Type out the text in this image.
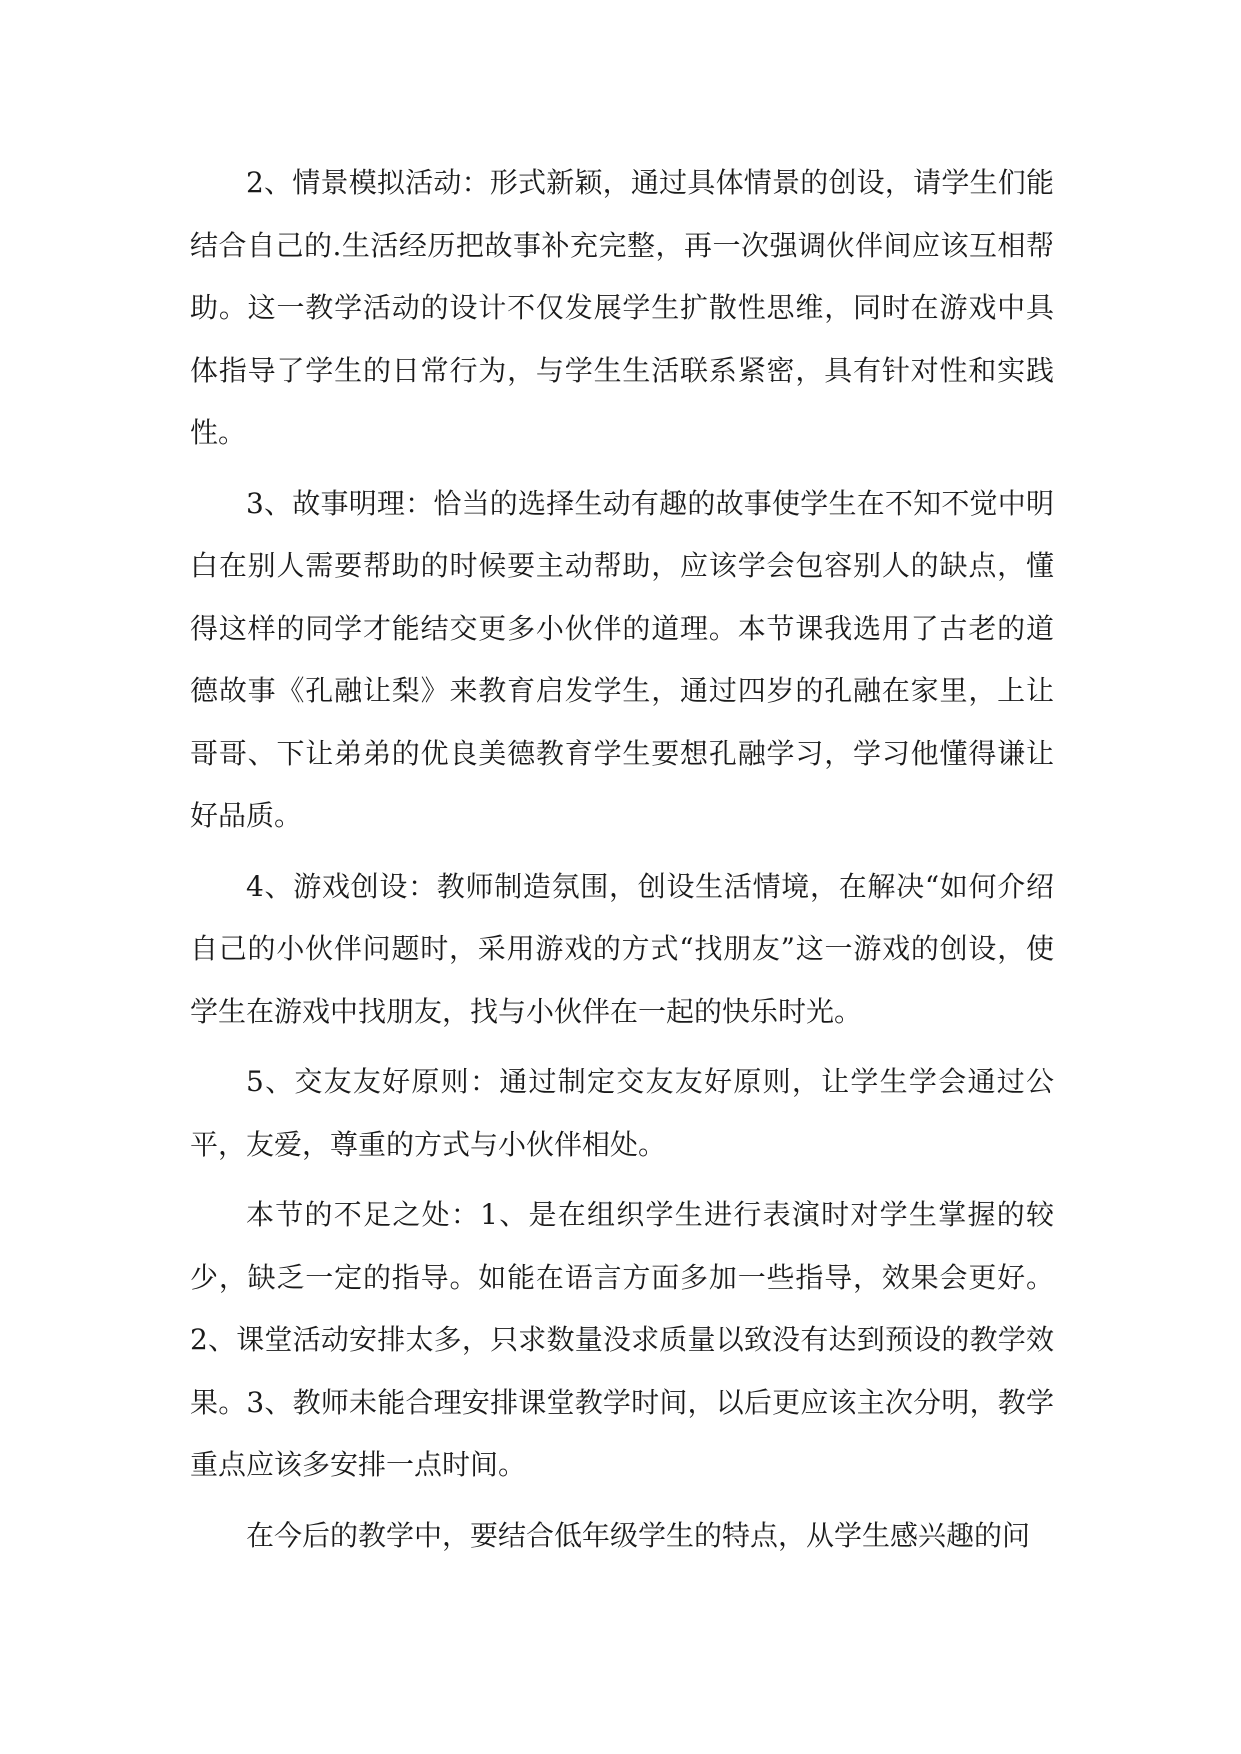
2、情景模拟活动：形式新颖，通过具体情景的创设，请学生们能结合自己的.生活经历把故事补充完整，再一次强调伙伴间应该互相帮助。这一教学活动的设计不仅发展学生扩散性思维，同时在游戏中具体指导了学生的日常行为，与学生生活联系紧密，具有针对性和实践性。

3、故事明理：恰当的选择生动有趣的故事使学生在不知不觉中明白在别人需要帮助的时候要主动帮助，应该学会包容别人的缺点，懂得这样的同学才能结交更多小伙伴的道理。本节课我选用了古老的道德故事《孔融让梨》来教育启发学生，通过四岁的孔融在家里，上让哥哥、下让弟弟的优良美德教育学生要想孔融学习，学习他懂得谦让好品质。

4、游戏创设：教师制造氛围，创设生活情境，在解决“如何介绍自己的小伙伴问题时，采用游戏的方式“找朋友”这一游戏的创设，使学生在游戏中找朋友，找与小伙伴在一起的快乐时光。

5、交友友好原则：通过制定交友友好原则，让学生学会通过公平，友爱，尊重的方式与小伙伴相处。

本节的不足之处：1、是在组织学生进行表演时对学生掌握的较少，缺乏一定的指导。如能在语言方面多加一些指导，效果会更好。2、课堂活动安排太多，只求数量没求质量以致没有达到预设的教学效果。3、教师未能合理安排课堂教学时间，以后更应该主次分明，教学重点应该多安排一点时间。

在今后的教学中，要结合低年级学生的特点，从学生感兴趣的问
